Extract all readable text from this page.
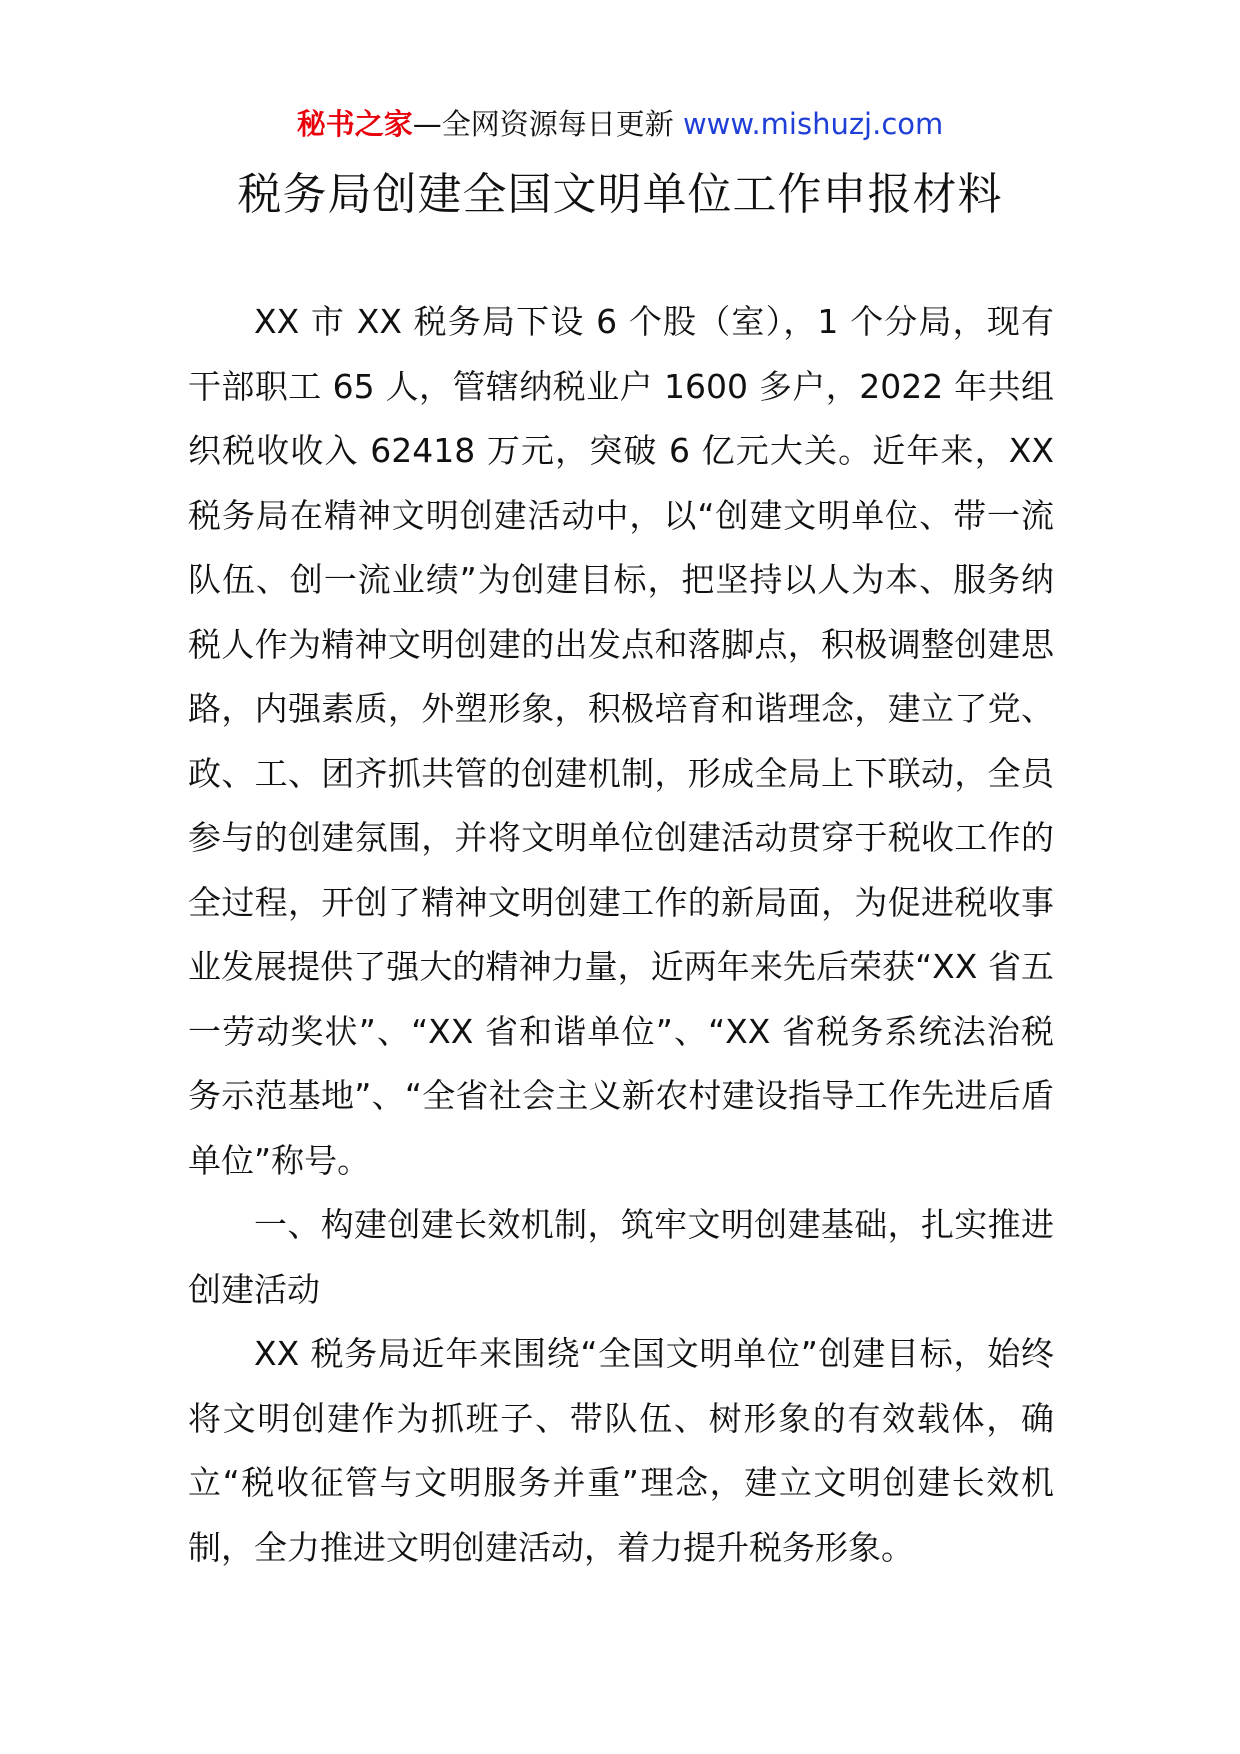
秘书之家—全网资源每日更新 www.mishuzj.com
税务局创建全国文明单位工作申报材料

XX 市 XX 税务局下设 6 个股（室），1 个分局，现有干部职工 65 人，管辖纳税业户 1600 多户，2022 年共组织税收收入 62418 万元，突破 6 亿元大关。近年来，XX 税务局在精神文明创建活动中，以“创建文明单位、带一流队伍、创一流业绩”为创建目标，把坚持以人为本、服务纳税人作为精神文明创建的出发点和落脚点，积极调整创建思路，内强素质，外塑形象，积极培育和谐理念，建立了党、政、工、团齐抓共管的创建机制，形成全局上下联动，全员参与的创建氛围，并将文明单位创建活动贯穿于税收工作的全过程，开创了精神文明创建工作的新局面，为促进税收事业发展提供了强大的精神力量，近两年来先后荣获“XX 省五一劳动奖状”、“XX 省和谐单位”、“XX 省税务系统法治税务示范基地”、“全省社会主义新农村建设指导工作先进后盾单位”称号。

一、构建创建长效机制，筑牢文明创建基础，扎实推进创建活动

XX 税务局近年来围绕“全国文明单位”创建目标，始终将文明创建作为抓班子、带队伍、树形象的有效载体，确立“税收征管与文明服务并重”理念，建立文明创建长效机制，全力推进文明创建活动，着力提升税务形象。
